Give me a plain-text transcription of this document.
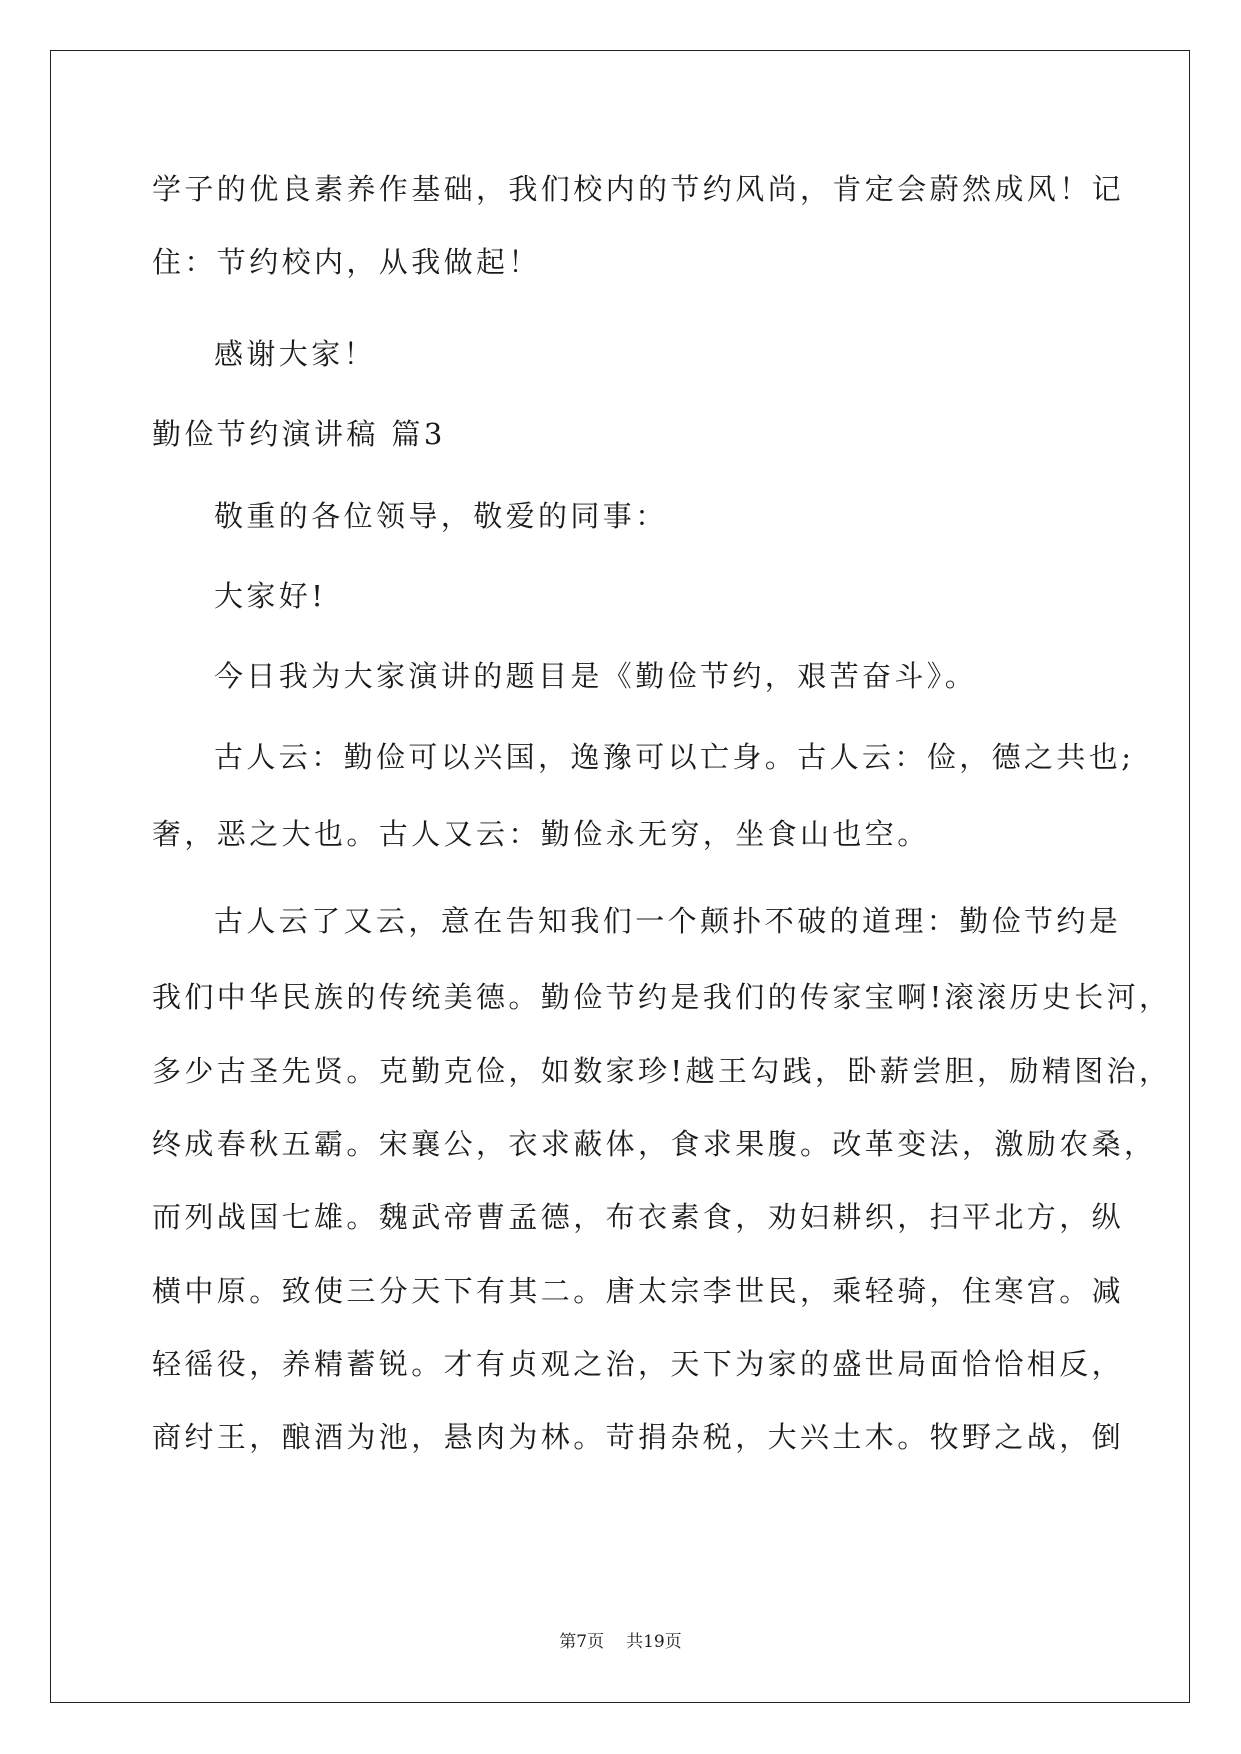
学子的优良素养作基础，我们校内的节约风尚，肯定会蔚然成风！记

住：节约校内，从我做起！

感谢大家！

勤俭节约演讲稿 篇3

敬重的各位领导，敬爱的同事：

大家好!

今日我为大家演讲的题目是《勤俭节约，艰苦奋斗》。

古人云：勤俭可以兴国，逸豫可以亡身。古人云：俭，德之共也;

奢，恶之大也。古人又云：勤俭永无穷，坐食山也空。

古人云了又云，意在告知我们一个颠扑不破的道理：勤俭节约是

我们中华民族的传统美德。勤俭节约是我们的传家宝啊!滚滚历史长河，

多少古圣先贤。克勤克俭，如数家珍!越王勾践，卧薪尝胆，励精图治，

终成春秋五霸。宋襄公，衣求蔽体，食求果腹。改革变法，激励农桑，

而列战国七雄。魏武帝曹孟德，布衣素食，劝妇耕织，扫平北方，纵

横中原。致使三分天下有其二。唐太宗李世民，乘轻骑，住寒宫。减

轻徭役，养精蓄锐。才有贞观之治，天下为家的盛世局面恰恰相反，

商纣王，酿酒为池，悬肉为林。苛捐杂税，大兴土木。牧野之战，倒

第7页 共19页
